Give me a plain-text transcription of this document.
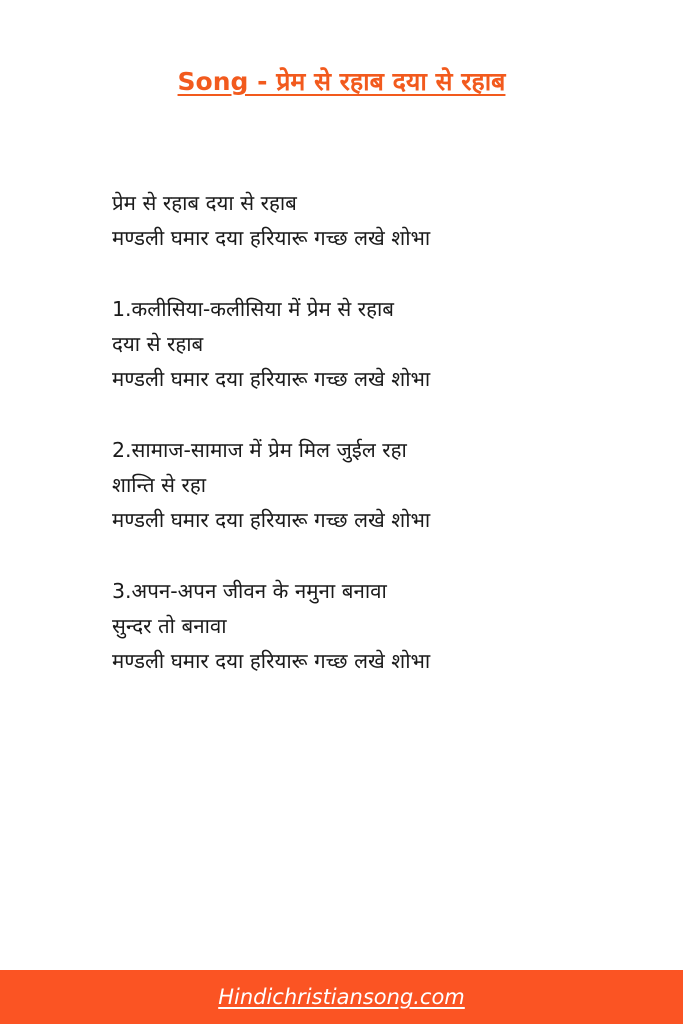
Song - प्रेम से रहाब दया से रहाब
प्रेम से रहाब दया से रहाब
मण्डली घमार दया हरियारू गच्छ लखे शोभा
1.कलीसिया-कलीसिया में प्रेम से रहाब
दया से रहाब
मण्डली घमार दया हरियारू गच्छ लखे शोभा
2.सामाज-सामाज में प्रेम मिल जुईल रहा
शान्ति से रहा
मण्डली घमार दया हरियारू गच्छ लखे शोभा
3.अपन-अपन जीवन के नमुना बनावा
सुन्दर तो बनावा
मण्डली घमार दया हरियारू गच्छ लखे शोभा
Hindichristiansong.com
